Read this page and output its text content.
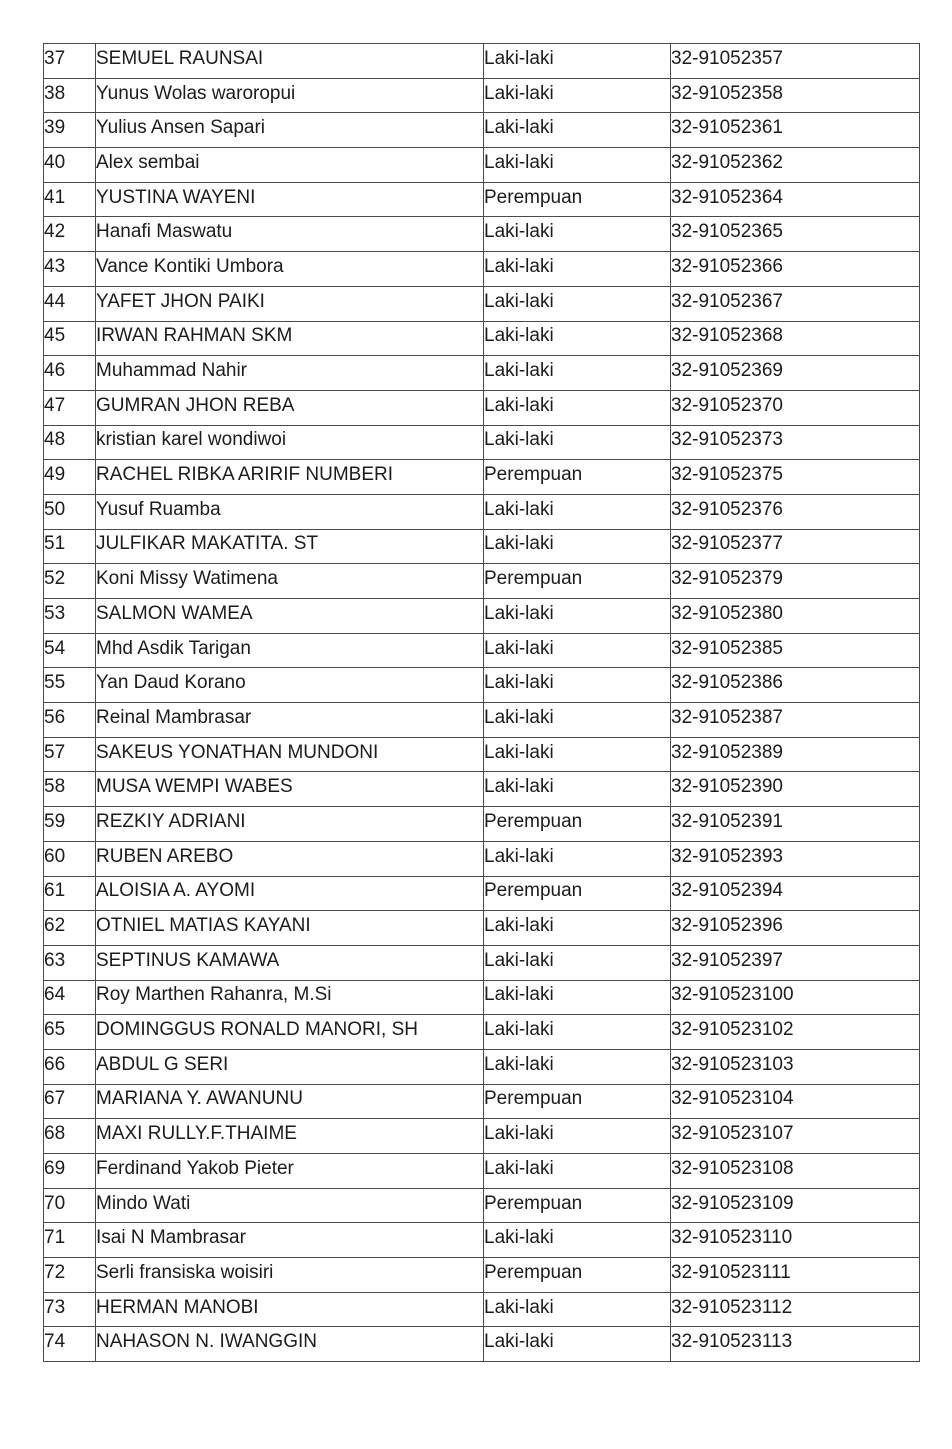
37	SEMUEL RAUNSAI	Laki-laki	32-91052357
38	Yunus Wolas waroropui	Laki-laki	32-91052358
39	Yulius Ansen Sapari	Laki-laki	32-91052361
40	Alex sembai	Laki-laki	32-91052362
41	YUSTINA WAYENI	Perempuan	32-91052364
42	Hanafi Maswatu	Laki-laki	32-91052365
43	Vance Kontiki Umbora	Laki-laki	32-91052366
44	YAFET JHON PAIKI	Laki-laki	32-91052367
45	IRWAN RAHMAN SKM	Laki-laki	32-91052368
46	Muhammad Nahir	Laki-laki	32-91052369
47	GUMRAN JHON REBA	Laki-laki	32-91052370
48	kristian karel wondiwoi	Laki-laki	32-91052373
49	RACHEL RIBKA ARIRIF NUMBERI	Perempuan	32-91052375
50	Yusuf Ruamba	Laki-laki	32-91052376
51	JULFIKAR MAKATITA. ST	Laki-laki	32-91052377
52	Koni Missy Watimena	Perempuan	32-91052379
53	SALMON WAMEA	Laki-laki	32-91052380
54	Mhd Asdik Tarigan	Laki-laki	32-91052385
55	Yan Daud Korano	Laki-laki	32-91052386
56	Reinal Mambrasar	Laki-laki	32-91052387
57	SAKEUS YONATHAN MUNDONI	Laki-laki	32-91052389
58	MUSA WEMPI WABES	Laki-laki	32-91052390
59	REZKIY ADRIANI	Perempuan	32-91052391
60	RUBEN AREBO	Laki-laki	32-91052393
61	ALOISIA A. AYOMI	Perempuan	32-91052394
62	OTNIEL MATIAS KAYANI	Laki-laki	32-91052396
63	SEPTINUS KAMAWA	Laki-laki	32-91052397
64	Roy Marthen Rahanra, M.Si	Laki-laki	32-910523100
65	DOMINGGUS RONALD MANORI, SH	Laki-laki	32-910523102
66	ABDUL G SERI	Laki-laki	32-910523103
67	MARIANA Y. AWANUNU	Perempuan	32-910523104
68	MAXI RULLY.F.THAIME	Laki-laki	32-910523107
69	Ferdinand Yakob Pieter	Laki-laki	32-910523108
70	Mindo Wati	Perempuan	32-910523109
71	Isai N Mambrasar	Laki-laki	32-910523110
72	Serli fransiska woisiri	Perempuan	32-910523111
73	HERMAN MANOBI	Laki-laki	32-910523112
74	NAHASON N. IWANGGIN	Laki-laki	32-910523113
